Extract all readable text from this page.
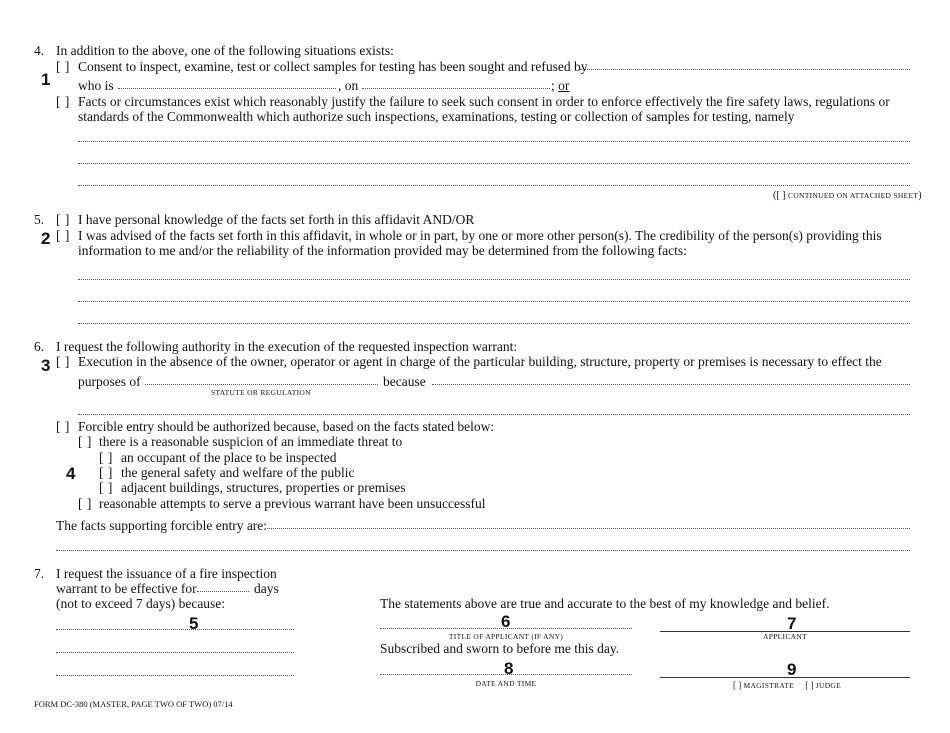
4. In addition to the above, one of the following situations exists:
[ ] Consent to inspect, examine, test or collect samples for testing has been sought and refused by
1 who is	, on	; or
[ ] Facts or circumstances exist which reasonably justify the failure to seek such consent in order to enforce effectively the fire safety laws, regulations or
standards of the Commonwealth which authorize such inspections, examinations, testing or collection of samples for testing, namely
([ ] CONTINUED ON ATTACHED SHEET)
5. [ ] I have personal knowledge of the facts set forth in this affidavit AND/OR
2 [ ] I was advised of the facts set forth in this affidavit, in whole or in part, by one or more other person(s). The credibility of the person(s) providing this
information to me and/or the reliability of the information provided may be determined from the following facts:
6. I request the following authority in the execution of the requested inspection warrant:
3 [ ] Execution in the absence of the owner, operator or agent in charge of the particular building, structure, property or premises is necessary to effect the
purposes of
STATUTE OR REGULATION
because
[ ] Forcible entry should be authorized because, based on the facts stated below:
[ ] there is a reasonable suspicion of an immediate threat to
[ ] an occupant of the place to be inspected
4 [ ] the general safety and welfare of the public
[ ] adjacent buildings, structures, properties or premises
[ ] reasonable attempts to serve a previous warrant have been unsuccessful
The facts supporting forcible entry are:
7. I request the issuance of a fire inspection
warrant to be effective for	days
(not to exceed 7 days) because:
5
The statements above are true and accurate to the best of my knowledge and belief.
6
TITLE OF APPLICANT (IF ANY)
7
APPLICANT
Subscribed and sworn to before me this day.
8
DATE AND TIME
9
[ ] MAGISTRATE [ ] JUDGE
FORM DC-380 (MASTER, PAGE TWO OF TWO) 07/14
